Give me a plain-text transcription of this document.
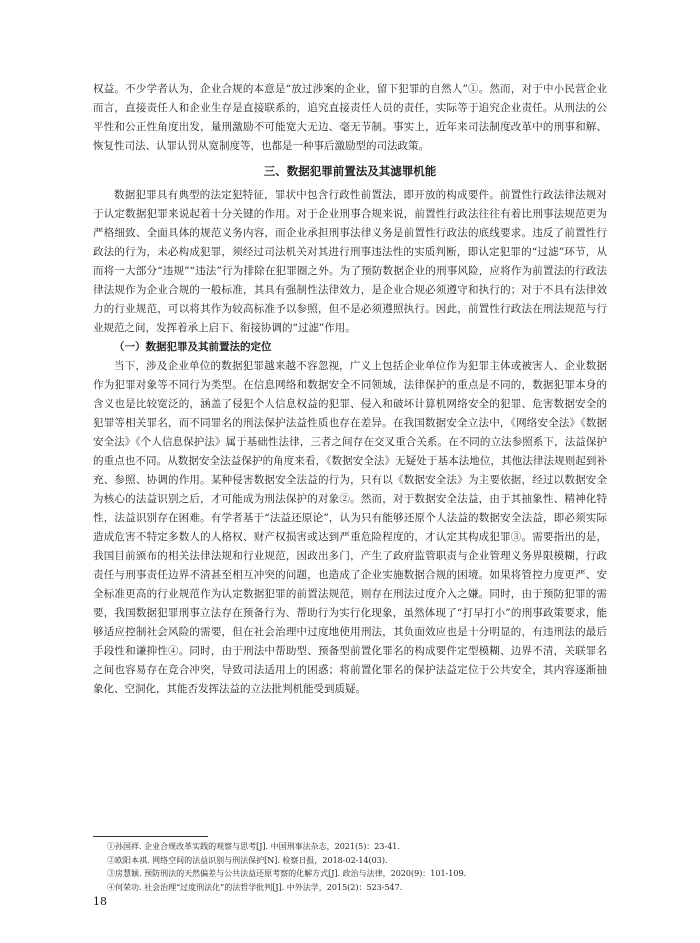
权益。不少学者认为，企业合规的本意是“放过涉案的企业，留下犯罪的自然人”①。然而，对于中小民营企业而言，直接责任人和企业生存是直接联系的，追究直接责任人员的责任，实际等于追究企业责任。从刑法的公平性和公正性角度出发，量刑激励不可能宽大无边、毫无节制。事实上，近年来司法制度改革中的刑事和解、恢复性司法、认罪认罚从宽制度等，也都是一种事后激励型的司法政策。

三、数据犯罪前置法及其滤罪机能

数据犯罪具有典型的法定犯特征，罪状中包含行政性前置法，即开放的构成要件。前置性行政法律法规对于认定数据犯罪来说起着十分关键的作用。对于企业刑事合规来说，前置性行政法往往有着比刑事法规范更为严格细致、全面具体的规范义务内容，而企业承担刑事法律义务是前置性行政法的底线要求。违反了前置性行政法的行为，未必构成犯罪，须经过司法机关对其进行刑事违法性的实质判断，即认定犯罪的“过滤”环节，从而将一大部分“违规”“违法”行为排除在犯罪圈之外。为了预防数据企业的刑事风险，应将作为前置法的行政法律法规作为企业合规的一般标准，其具有强制性法律效力，是企业合规必须遵守和执行的；对于不具有法律效力的行业规范，可以将其作为较高标准予以参照，但不是必须遵照执行。因此，前置性行政法在刑法规范与行业规范之间，发挥着承上启下、衔接协调的“过滤”作用。

（一）数据犯罪及其前置法的定位

当下，涉及企业单位的数据犯罪越来越不容忽视，广义上包括企业单位作为犯罪主体或被害人、企业数据作为犯罪对象等不同行为类型。在信息网络和数据安全不同领域，法律保护的重点是不同的，数据犯罪本身的含义也是比较宽泛的，涵盖了侵犯个人信息权益的犯罪、侵入和破坏计算机网络安全的犯罪、危害数据安全的犯罪等相关罪名，而不同罪名的刑法保护法益性质也存在差异。在我国数据安全立法中，《网络安全法》《数据安全法》《个人信息保护法》属于基础性法律，三者之间存在交叉重合关系。在不同的立法参照系下，法益保护的重点也不同。从数据安全法益保护的角度来看，《数据安全法》无疑处于基本法地位，其他法律法规则起到补充、参照、协调的作用。某种侵害数据安全法益的行为，只有以《数据安全法》为主要依据，经过以数据安全为核心的法益识别之后，才可能成为刑法保护的对象②。然而，对于数据安全法益，由于其抽象性、精神化特性，法益识别存在困难。有学者基于“法益还原论”，认为只有能够还原个人法益的数据安全法益，即必须实际造成危害不特定多数人的人格权、财产权损害或达到严重危险程度的，才认定其构成犯罪③。需要指出的是，我国目前颁布的相关法律法规和行业规范，因政出多门，产生了政府监管职责与企业管理义务界限模糊，行政责任与刑事责任边界不清甚至相互冲突的问题，也造成了企业实施数据合规的困境。如果将管控力度更严、安全标准更高的行业规范作为认定数据犯罪的前置法规范，则存在刑法过度介入之嫌。同时，由于预防犯罪的需要，我国数据犯罪刑事立法存在预备行为、帮助行为实行化现象，虽然体现了“打早打小”的刑事政策要求，能够适应控制社会风险的需要，但在社会治理中过度地使用刑法，其负面效应也是十分明显的，有违刑法的最后手段性和谦抑性④。同时，由于刑法中帮助型、预备型前置化罪名的构成要件定型模糊、边界不清，关联罪名之间也容易存在竞合冲突，导致司法适用上的困惑；将前置化罪名的保护法益定位于公共安全，其内容逐渐抽象化、空洞化，其能否发挥法益的立法批判机能受到质疑。

①孙国祥. 企业合规改革实践的观察与思考[J]. 中国刑事法杂志，2021(5)：23-41.
②欧阳本祺. 网络空间的法益识别与刑法保护[N]. 检察日报，2018-02-14(03).
③房慧颖. 预防刑法的天然偏差与公共法益还原考察的化解方式[J]. 政治与法律，2020(9)：101-109.
④何荣功. 社会治理“过度刑法化”的法哲学批判[J]. 中外法学，2015(2)：523-547.
18
